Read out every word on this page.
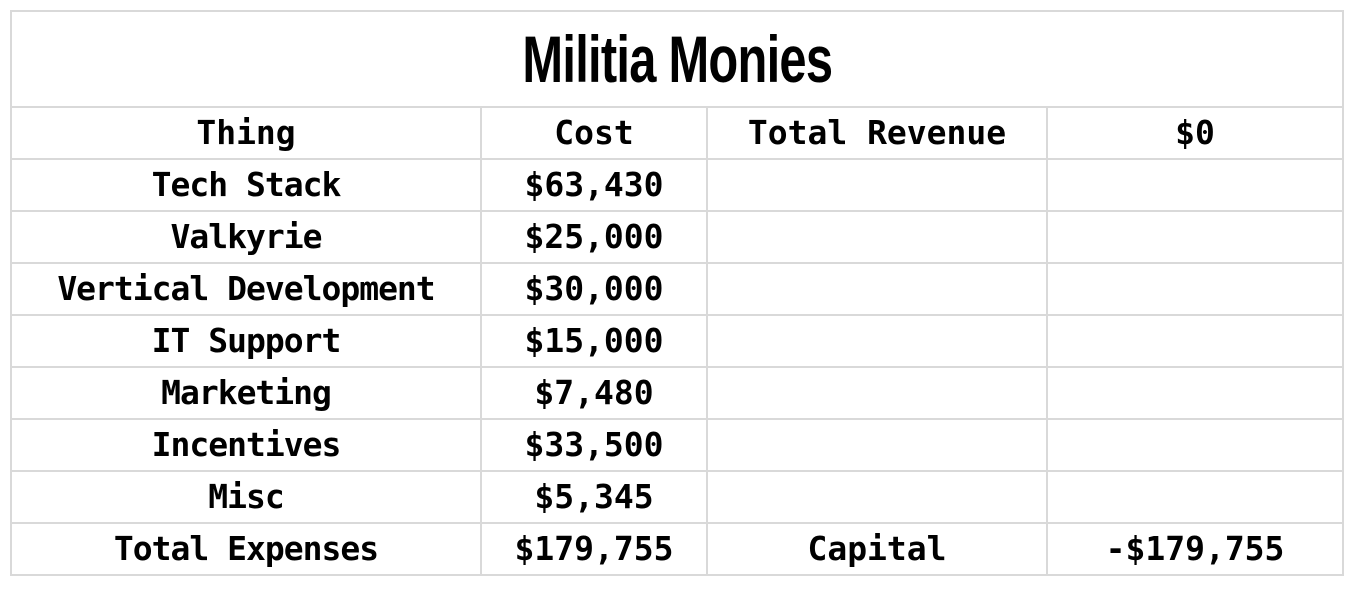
Militia Monies			
Thing	Cost	Total Revenue	$0
Tech Stack	$63,430		
Valkyrie	$25,000		
Vertical Development	$30,000		
IT Support	$15,000		
Marketing	$7,480		
Incentives	$33,500		
Misc	$5,345		
Total Expenses	$179,755	Capital	-$179,755
